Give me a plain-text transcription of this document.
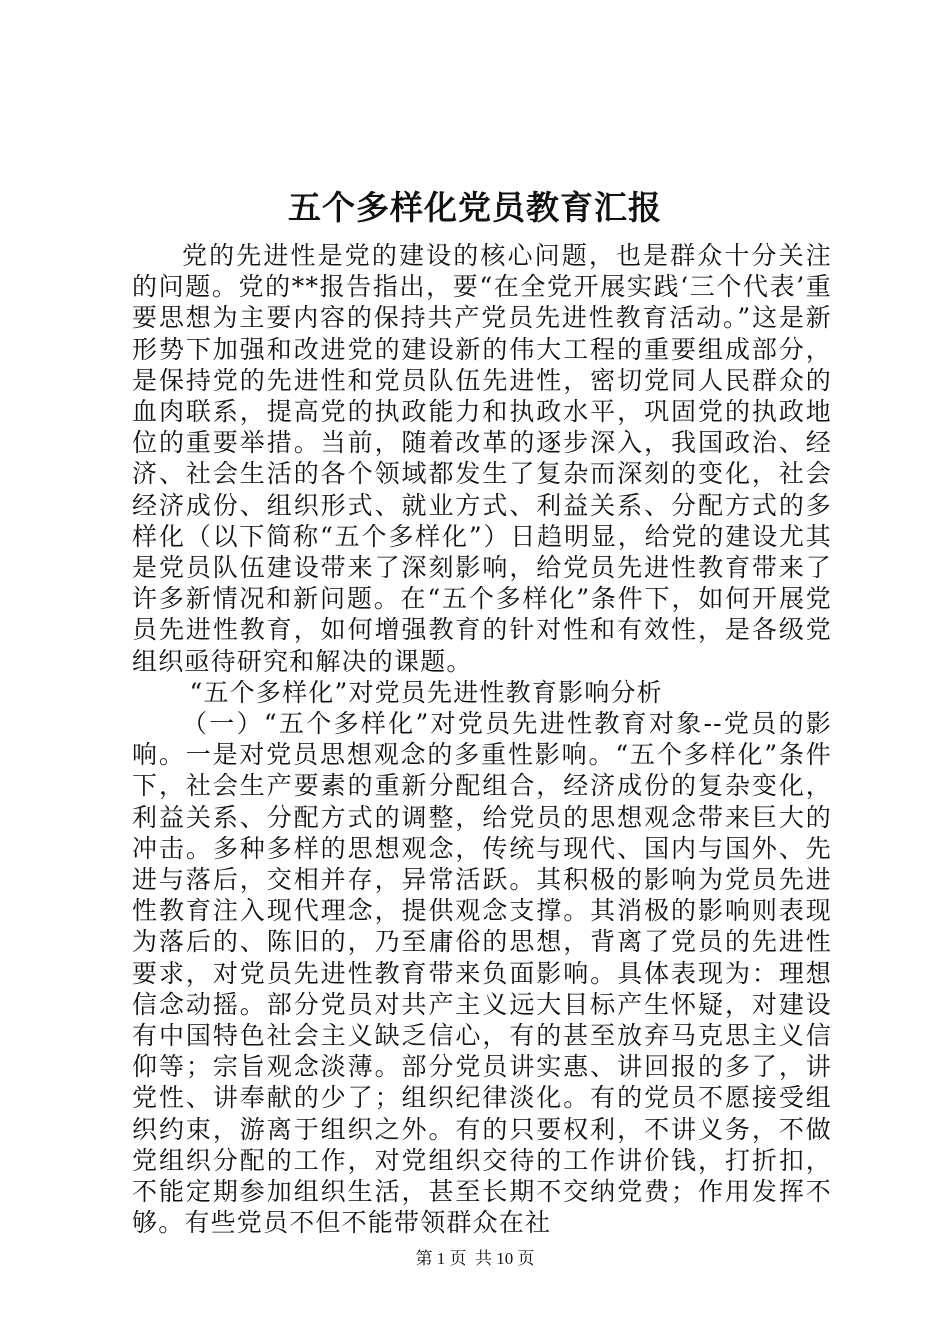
五个多样化党员教育汇报

党的先进性是党的建设的核心问题，也是群众十分关注的问题。党的**报告指出，要“在全党开展实践‘三个代表’重要思想为主要内容的保持共产党员先进性教育活动。”这是新形势下加强和改进党的建设新的伟大工程的重要组成部分，是保持党的先进性和党员队伍先进性，密切党同人民群众的血肉联系，提高党的执政能力和执政水平，巩固党的执政地位的重要举措。当前，随着改革的逐步深入，我国政治、经济、社会生活的各个领域都发生了复杂而深刻的变化，社会经济成份、组织形式、就业方式、利益关系、分配方式的多样化（以下简称“五个多样化”）日趋明显，给党的建设尤其是党员队伍建设带来了深刻影响，给党员先进性教育带来了许多新情况和新问题。在“五个多样化”条件下，如何开展党员先进性教育，如何增强教育的针对性和有效性，是各级党组织亟待研究和解决的课题。

“五个多样化”对党员先进性教育影响分析

（一）“五个多样化”对党员先进性教育对象--党员的影响。一是对党员思想观念的多重性影响。“五个多样化”条件下，社会生产要素的重新分配组合，经济成份的复杂变化，利益关系、分配方式的调整，给党员的思想观念带来巨大的冲击。多种多样的思想观念，传统与现代、国内与国外、先进与落后，交相并存，异常活跃。其积极的影响为党员先进性教育注入现代理念，提供观念支撑。其消极的影响则表现为落后的、陈旧的，乃至庸俗的思想，背离了党员的先进性要求，对党员先进性教育带来负面影响。具体表现为：理想信念动摇。部分党员对共产主义远大目标产生怀疑，对建设有中国特色社会主义缺乏信心，有的甚至放弃马克思主义信仰等；宗旨观念淡薄。部分党员讲实惠、讲回报的多了，讲党性、讲奉献的少了；组织纪律淡化。有的党员不愿接受组织约束，游离于组织之外。有的只要权利，不讲义务，不做党组织分配的工作，对党组织交待的工作讲价钱，打折扣，不能定期参加组织生活，甚至长期不交纳党费；作用发挥不够。有些党员不但不能带领群众在社

第 1 页  共 10 页
